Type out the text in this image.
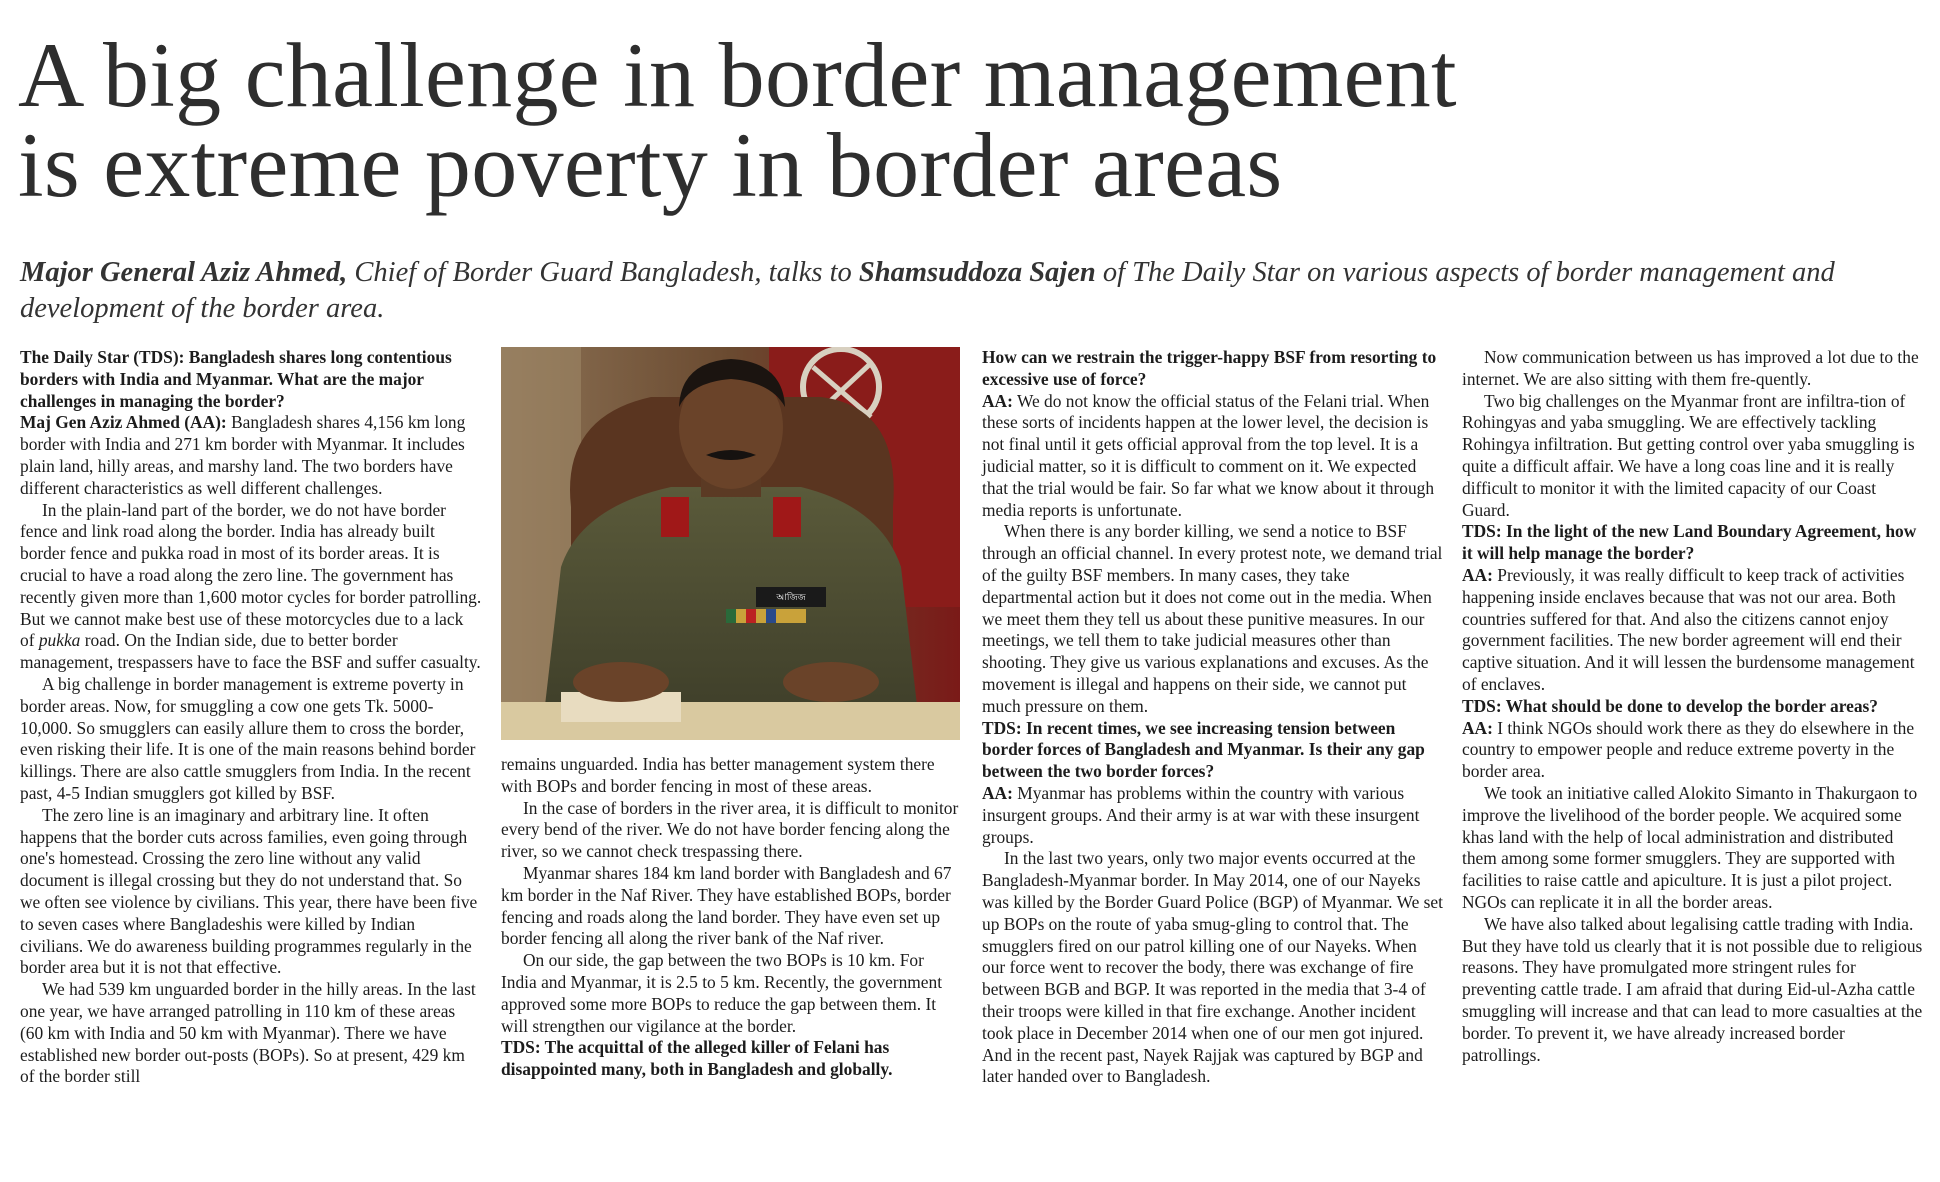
A big challenge in border management
is extreme poverty in border areas
Major General Aziz Ahmed, Chief of Border Guard Bangladesh, talks to Shamsuddoza Sajen of The Daily Star on various aspects of border management and development of the border area.

The Daily Star (TDS): Bangladesh shares long contentious borders with India and Myanmar. What are the major challenges in managing the border?

Maj Gen Aziz Ahmed (AA): Bangladesh shares 4,156 km long border with India and 271 km border with Myanmar. It includes plain land, hilly areas, and marshy land. The two borders have different characteristics as well different challenges.

In the plain-land part of the border, we do not have border fence and link road along the border. India has already built border fence and pukka road in most of its border areas. It is crucial to have a road along the zero line. The government has recently given more than 1,600 motor cycles for border patrolling. But we cannot make best use of these motorcycles due to a lack of pukka road. On the Indian side, due to better border management, trespassers have to face the BSF and suffer casualty.

A big challenge in border management is extreme poverty in border areas. Now, for smuggling a cow one gets Tk. 5000-10,000. So smugglers can easily allure them to cross the border, even risking their life. It is one of the main reasons behind border killings. There are also cattle smugglers from India. In the recent past, 4-5 Indian smugglers got killed by BSF.

The zero line is an imaginary and arbitrary line. It often happens that the border cuts across families, even going through one's homestead. Crossing the zero line without any valid document is illegal crossing but they do not understand that. So we often see violence by civilians. This year, there have been five to seven cases where Bangladeshis were killed by Indian civilians. We do awareness building programmes regularly in the border area but it is not that effective.

We had 539 km unguarded border in the hilly areas. In the last one year, we have arranged patrolling in 110 km of these areas (60 km with India and 50 km with Myanmar). There we have established new border out-posts (BOPs). So at present, 429 km of the border still

আজিজ

remains unguarded. India has better management system there with BOPs and border fencing in most of these areas.

In the case of borders in the river area, it is difficult to monitor every bend of the river. We do not have border fencing along the river, so we cannot check trespassing there.

Myanmar shares 184 km land border with Bangladesh and 67 km border in the Naf River. They have established BOPs, border fencing and roads along the land border. They have even set up border fencing all along the river bank of the Naf river.

On our side, the gap between the two BOPs is 10 km. For India and Myanmar, it is 2.5 to 5 km. Recently, the government approved some more BOPs to reduce the gap between them. It will strengthen our vigilance at the border.

TDS: The acquittal of the alleged killer of Felani has disappointed many, both in Bangladesh and globally.

How can we restrain the trigger-happy BSF from resorting to excessive use of force?

AA: We do not know the official status of the Felani trial. When these sorts of incidents happen at the lower level, the decision is not final until it gets official approval from the top level. It is a judicial matter, so it is difficult to comment on it. We expected that the trial would be fair. So far what we know about it through media reports is unfortunate.

When there is any border killing, we send a notice to BSF through an official channel. In every protest note, we demand trial of the guilty BSF members. In many cases, they take departmental action but it does not come out in the media. When we meet them they tell us about these punitive measures. In our meetings, we tell them to take judicial measures other than shooting. They give us various explanations and excuses. As the movement is illegal and happens on their side, we cannot put much pressure on them.

TDS: In recent times, we see increasing tension between border forces of Bangladesh and Myanmar. Is their any gap between the two border forces?

AA: Myanmar has problems within the country with various insurgent groups. And their army is at war with these insurgent groups.

In the last two years, only two major events occurred at the Bangladesh-Myanmar border. In May 2014, one of our Nayeks was killed by the Border Guard Police (BGP) of Myanmar. We set up BOPs on the route of yaba smug-gling to control that. The smugglers fired on our patrol killing one of our Nayeks. When our force went to recover the body, there was exchange of fire between BGB and BGP. It was reported in the media that 3-4 of their troops were killed in that fire exchange. Another incident took place in December 2014 when one of our men got injured. And in the recent past, Nayek Rajjak was captured by BGP and later handed over to Bangladesh.

Now communication between us has improved a lot due to the internet. We are also sitting with them fre-quently.

Two big challenges on the Myanmar front are infiltra-tion of Rohingyas and yaba smuggling. We are effectively tackling Rohingya infiltration. But getting control over yaba smuggling is quite a difficult affair. We have a long coas line and it is really difficult to monitor it with the limited capacity of our Coast Guard.

TDS: In the light of the new Land Boundary Agreement, how it will help manage the border?

AA: Previously, it was really difficult to keep track of activities happening inside enclaves because that was not our area. Both countries suffered for that. And also the citizens cannot enjoy government facilities. The new border agreement will end their captive situation. And it will lessen the burdensome management of enclaves.

TDS: What should be done to develop the border areas?

AA: I think NGOs should work there as they do elsewhere in the country to empower people and reduce extreme poverty in the border area.

We took an initiative called Alokito Simanto in Thakurgaon to improve the livelihood of the border people. We acquired some khas land with the help of local administration and distributed them among some former smugglers. They are supported with facilities to raise cattle and apiculture. It is just a pilot project. NGOs can replicate it in all the border areas.

We have also talked about legalising cattle trading with India. But they have told us clearly that it is not possible due to religious reasons. They have promulgated more stringent rules for preventing cattle trade. I am afraid that during Eid-ul-Azha cattle smuggling will increase and that can lead to more casualties at the border. To prevent it, we have already increased border patrollings.
